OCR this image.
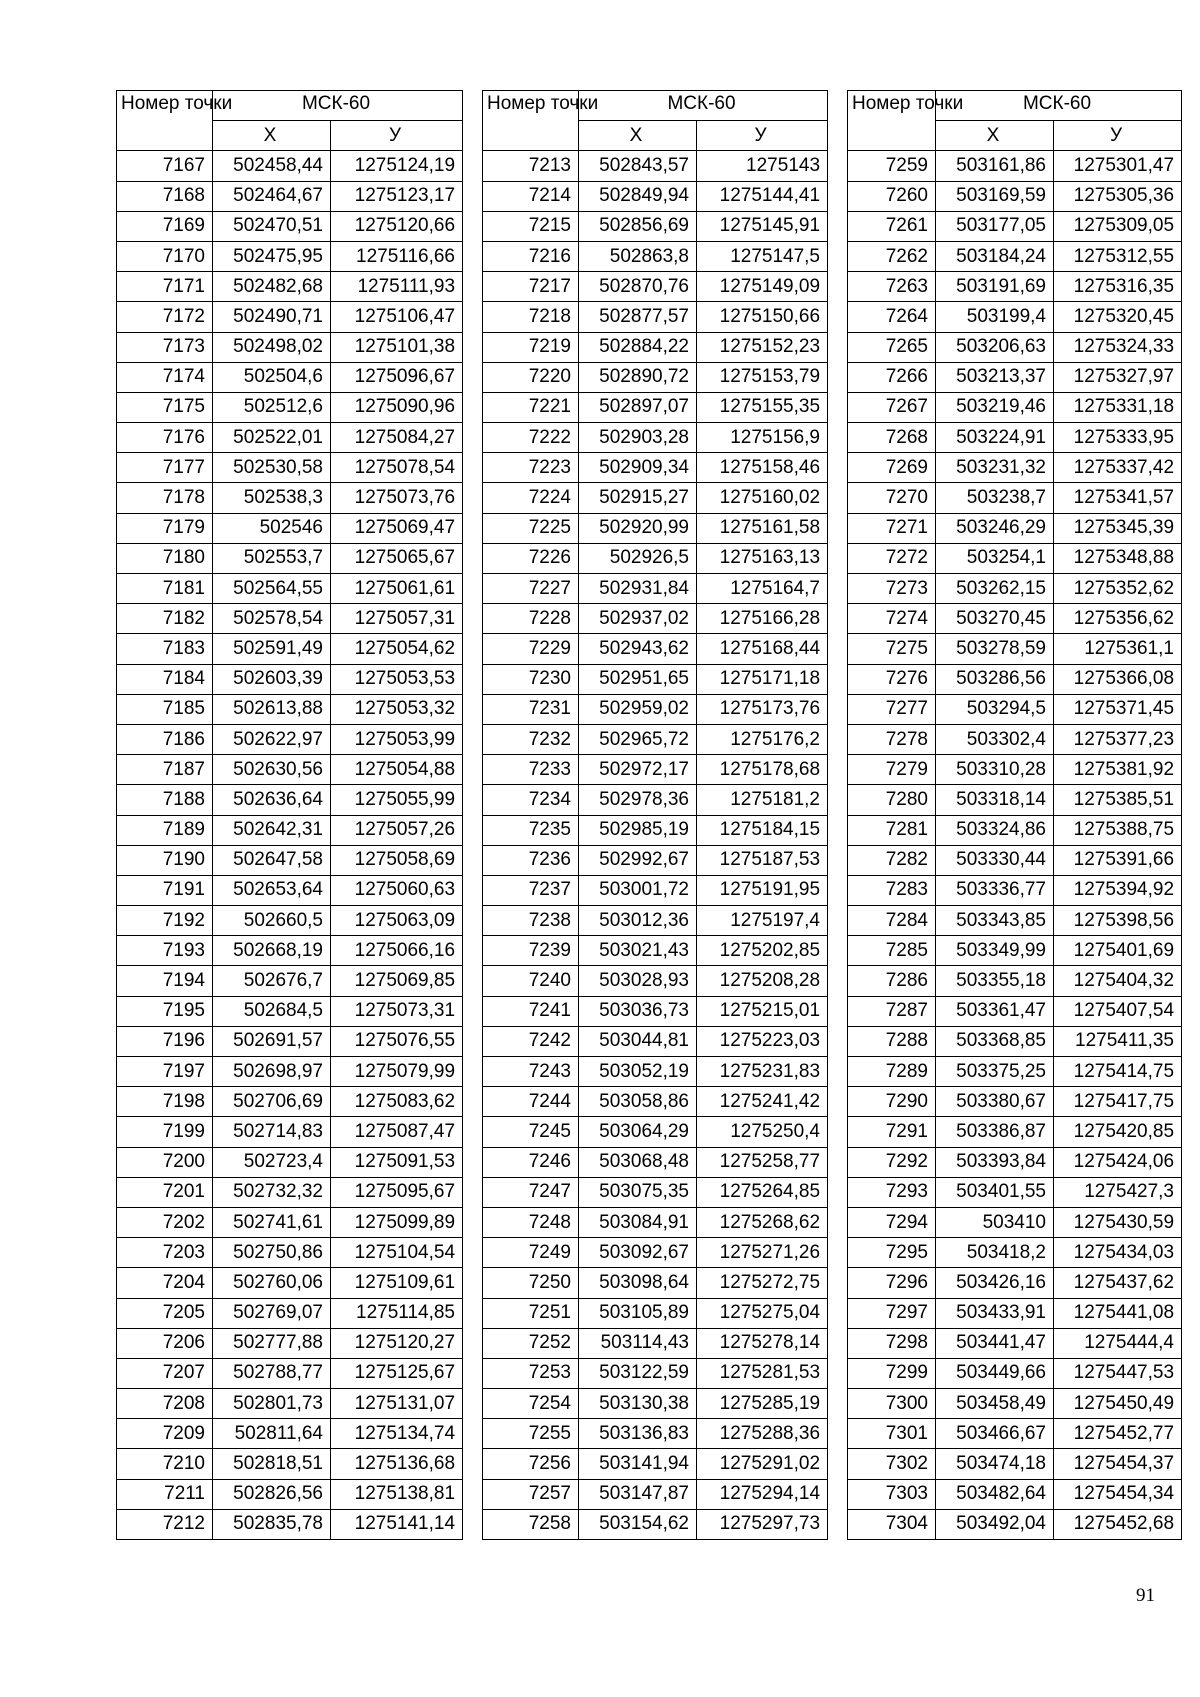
Номер точки	МСК-60	
	Х	У
7167	502458,44	1275124,19
7168	502464,67	1275123,17
7169	502470,51	1275120,66
7170	502475,95	1275116,66
7171	502482,68	1275111,93
7172	502490,71	1275106,47
7173	502498,02	1275101,38
7174	502504,6	1275096,67
7175	502512,6	1275090,96
7176	502522,01	1275084,27
7177	502530,58	1275078,54
7178	502538,3	1275073,76
7179	502546	1275069,47
7180	502553,7	1275065,67
7181	502564,55	1275061,61
7182	502578,54	1275057,31
7183	502591,49	1275054,62
7184	502603,39	1275053,53
7185	502613,88	1275053,32
7186	502622,97	1275053,99
7187	502630,56	1275054,88
7188	502636,64	1275055,99
7189	502642,31	1275057,26
7190	502647,58	1275058,69
7191	502653,64	1275060,63
7192	502660,5	1275063,09
7193	502668,19	1275066,16
7194	502676,7	1275069,85
7195	502684,5	1275073,31
7196	502691,57	1275076,55
7197	502698,97	1275079,99
7198	502706,69	1275083,62
7199	502714,83	1275087,47
7200	502723,4	1275091,53
7201	502732,32	1275095,67
7202	502741,61	1275099,89
7203	502750,86	1275104,54
7204	502760,06	1275109,61
7205	502769,07	1275114,85
7206	502777,88	1275120,27
7207	502788,77	1275125,67
7208	502801,73	1275131,07
7209	502811,64	1275134,74
7210	502818,51	1275136,68
7211	502826,56	1275138,81
7212	502835,78	1275141,14
Номер точки	МСК-60	
	Х	У
7213	502843,57	1275143
7214	502849,94	1275144,41
7215	502856,69	1275145,91
7216	502863,8	1275147,5
7217	502870,76	1275149,09
7218	502877,57	1275150,66
7219	502884,22	1275152,23
7220	502890,72	1275153,79
7221	502897,07	1275155,35
7222	502903,28	1275156,9
7223	502909,34	1275158,46
7224	502915,27	1275160,02
7225	502920,99	1275161,58
7226	502926,5	1275163,13
7227	502931,84	1275164,7
7228	502937,02	1275166,28
7229	502943,62	1275168,44
7230	502951,65	1275171,18
7231	502959,02	1275173,76
7232	502965,72	1275176,2
7233	502972,17	1275178,68
7234	502978,36	1275181,2
7235	502985,19	1275184,15
7236	502992,67	1275187,53
7237	503001,72	1275191,95
7238	503012,36	1275197,4
7239	503021,43	1275202,85
7240	503028,93	1275208,28
7241	503036,73	1275215,01
7242	503044,81	1275223,03
7243	503052,19	1275231,83
7244	503058,86	1275241,42
7245	503064,29	1275250,4
7246	503068,48	1275258,77
7247	503075,35	1275264,85
7248	503084,91	1275268,62
7249	503092,67	1275271,26
7250	503098,64	1275272,75
7251	503105,89	1275275,04
7252	503114,43	1275278,14
7253	503122,59	1275281,53
7254	503130,38	1275285,19
7255	503136,83	1275288,36
7256	503141,94	1275291,02
7257	503147,87	1275294,14
7258	503154,62	1275297,73
Номер точки	МСК-60	
	Х	У
7259	503161,86	1275301,47
7260	503169,59	1275305,36
7261	503177,05	1275309,05
7262	503184,24	1275312,55
7263	503191,69	1275316,35
7264	503199,4	1275320,45
7265	503206,63	1275324,33
7266	503213,37	1275327,97
7267	503219,46	1275331,18
7268	503224,91	1275333,95
7269	503231,32	1275337,42
7270	503238,7	1275341,57
7271	503246,29	1275345,39
7272	503254,1	1275348,88
7273	503262,15	1275352,62
7274	503270,45	1275356,62
7275	503278,59	1275361,1
7276	503286,56	1275366,08
7277	503294,5	1275371,45
7278	503302,4	1275377,23
7279	503310,28	1275381,92
7280	503318,14	1275385,51
7281	503324,86	1275388,75
7282	503330,44	1275391,66
7283	503336,77	1275394,92
7284	503343,85	1275398,56
7285	503349,99	1275401,69
7286	503355,18	1275404,32
7287	503361,47	1275407,54
7288	503368,85	1275411,35
7289	503375,25	1275414,75
7290	503380,67	1275417,75
7291	503386,87	1275420,85
7292	503393,84	1275424,06
7293	503401,55	1275427,3
7294	503410	1275430,59
7295	503418,2	1275434,03
7296	503426,16	1275437,62
7297	503433,91	1275441,08
7298	503441,47	1275444,4
7299	503449,66	1275447,53
7300	503458,49	1275450,49
7301	503466,67	1275452,77
7302	503474,18	1275454,37
7303	503482,64	1275454,34
7304	503492,04	1275452,68
91
